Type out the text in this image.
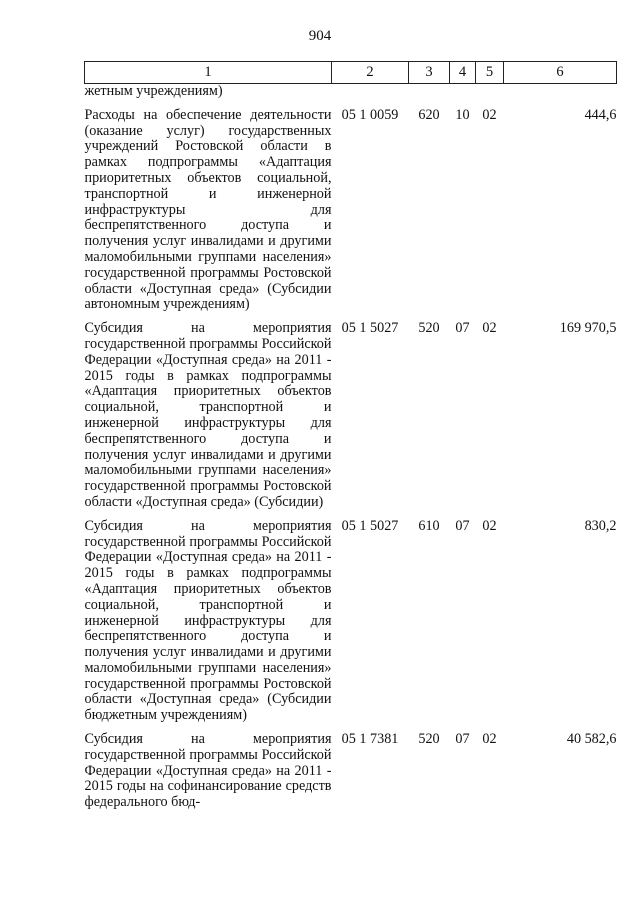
904
1	2	3	4	5	6
жетным учреждениям)					
Расходы на обеспечение деятельности (оказание услуг) государственных учреждений Ростовской области в рамках подпрограммы «Адаптация приоритетных объектов социальной, транспортной и инженерной инфраструктуры для беспрепятственного доступа и получения услуг инвалидами и другими маломобильными группами населения» государственной программы Ростовской области «Доступная среда» (Субсидии автономным учреждениям)	05 1 0059	620	10	02	444,6
Субсидия на мероприятия государственной программы Российской Федерации «Доступная среда» на 2011 - 2015 годы в рамках подпрограммы «Адаптация приоритетных объектов социальной, транспортной и инженерной инфраструктуры для беспрепятственного доступа и получения услуг инвалидами и другими маломобильными группами населения» государственной программы Ростовской области «Доступная среда» (Субсидии)	05 1 5027	520	07	02	169 970,5
Субсидия на мероприятия государственной программы Российской Федерации «Доступная среда» на 2011 - 2015 годы в рамках подпрограммы «Адаптация приоритетных объектов социальной, транспортной и инженерной инфраструктуры для беспрепятственного доступа и получения услуг инвалидами и другими маломобильными группами населения» государственной программы Ростовской области «Доступная среда» (Субсидии бюджетным учреждениям)	05 1 5027	610	07	02	830,2
Субсидия на мероприятия государственной программы Российской Федерации «Доступная среда» на 2011 - 2015 годы на софинансирование средств федерального бюд-	05 1 7381	520	07	02	40 582,6
